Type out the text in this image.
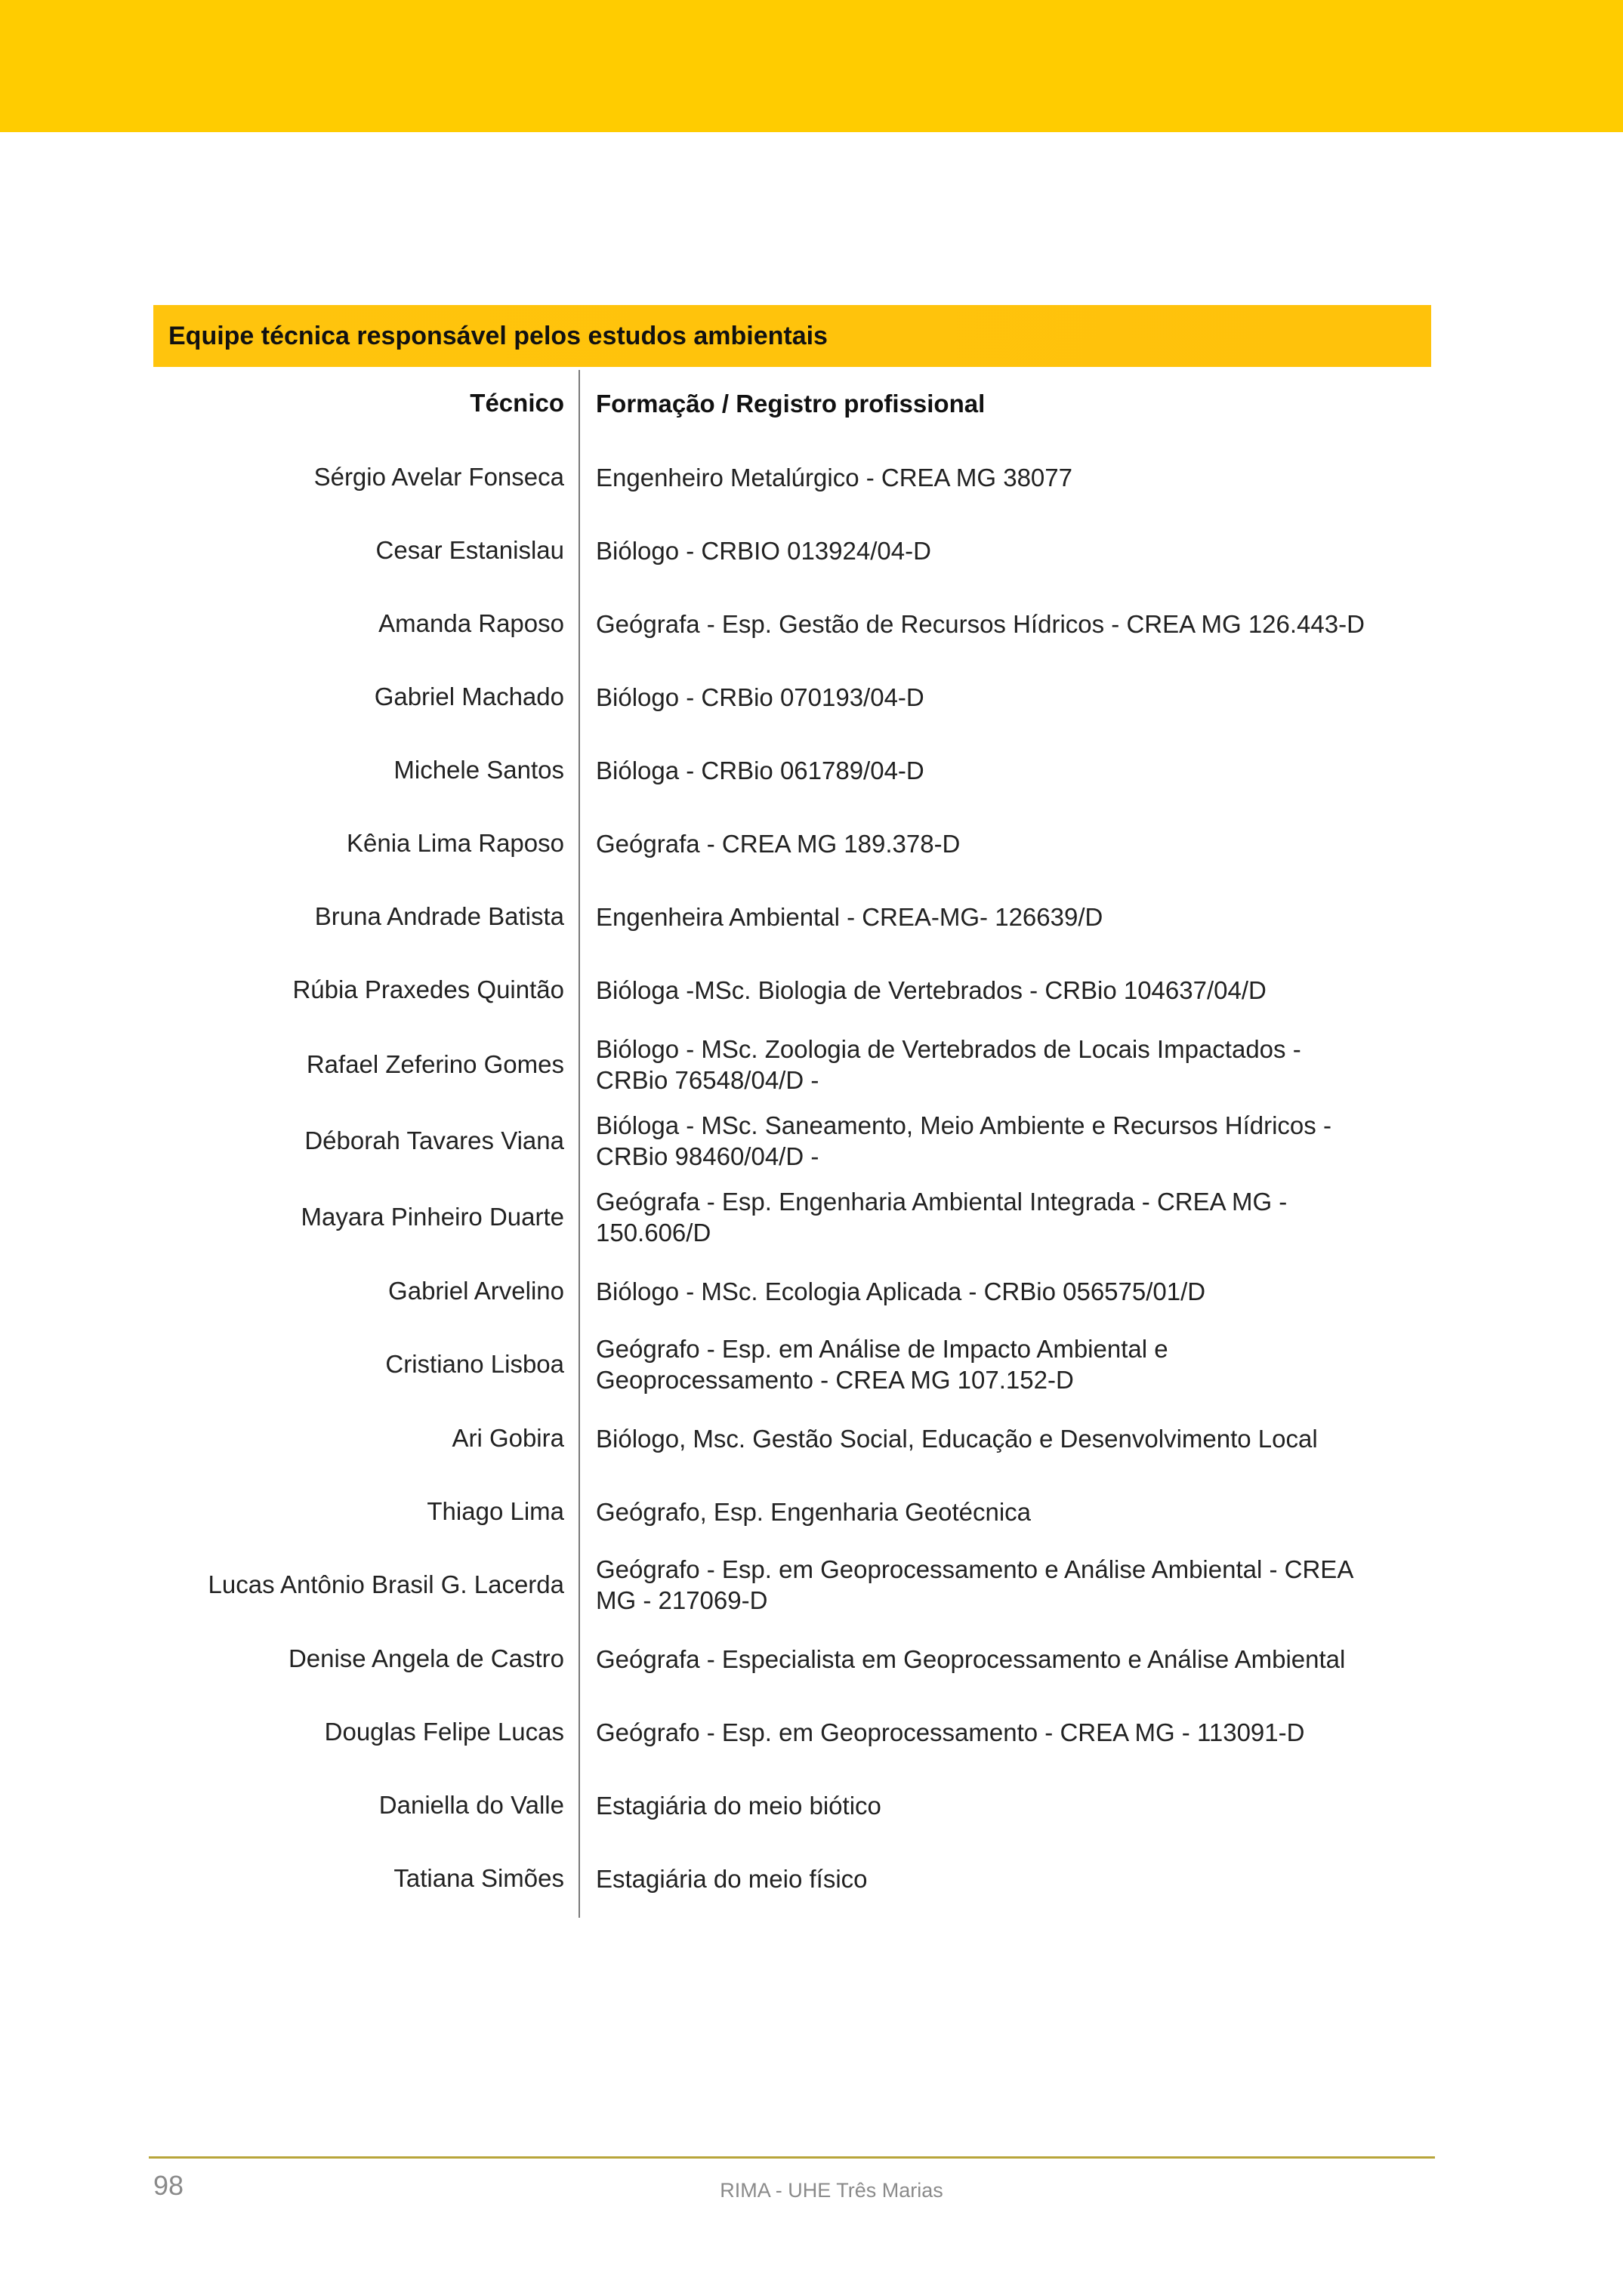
Equipe técnica responsável pelos estudos ambientais
Técnico Formação / Registro profissional
Sérgio Avelar Fonseca Engenheiro Metalúrgico - CREA MG 38077
Cesar Estanislau Biólogo - CRBIO 013924/04-D
Amanda Raposo Geógrafa - Esp. Gestão de Recursos Hídricos - CREA MG 126.443-D
Gabriel Machado Biólogo - CRBio 070193/04-D
Michele Santos Bióloga - CRBio 061789/04-D
Kênia Lima Raposo Geógrafa - CREA MG 189.378-D
Bruna Andrade Batista Engenheira Ambiental - CREA-MG- 126639/D
Rúbia Praxedes Quintão Bióloga -MSc. Biologia de Vertebrados - CRBio 104637/04/D
Rafael Zeferino Gomes
Biólogo - MSc. Zoologia de Vertebrados de Locais Impactados -
CRBio 76548/04/D -
Déborah Tavares Viana
Bióloga - MSc. Saneamento, Meio Ambiente e Recursos Hídricos -
CRBio 98460/04/D -
Mayara Pinheiro Duarte
Geógrafa - Esp. Engenharia Ambiental Integrada - CREA MG -
150.606/D
Gabriel Arvelino Biólogo - MSc. Ecologia Aplicada - CRBio 056575/01/D
Cristiano Lisboa
Geógrafo - Esp. em Análise de Impacto Ambiental e
Geoprocessamento - CREA MG 107.152-D
Ari Gobira Biólogo, Msc. Gestão Social, Educação e Desenvolvimento Local
Thiago Lima Geógrafo, Esp. Engenharia Geotécnica
Lucas Antônio Brasil G. Lacerda
Geógrafo - Esp. em Geoprocessamento e Análise Ambiental - CREA
MG - 217069-D
Denise Angela de Castro Geógrafa - Especialista em Geoprocessamento e Análise Ambiental
Douglas Felipe Lucas Geógrafo - Esp. em Geoprocessamento - CREA MG - 113091-D
Daniella do Valle Estagiária do meio biótico
Tatiana Simões Estagiária do meio físico
98	RIMA - UHE Três Marias
